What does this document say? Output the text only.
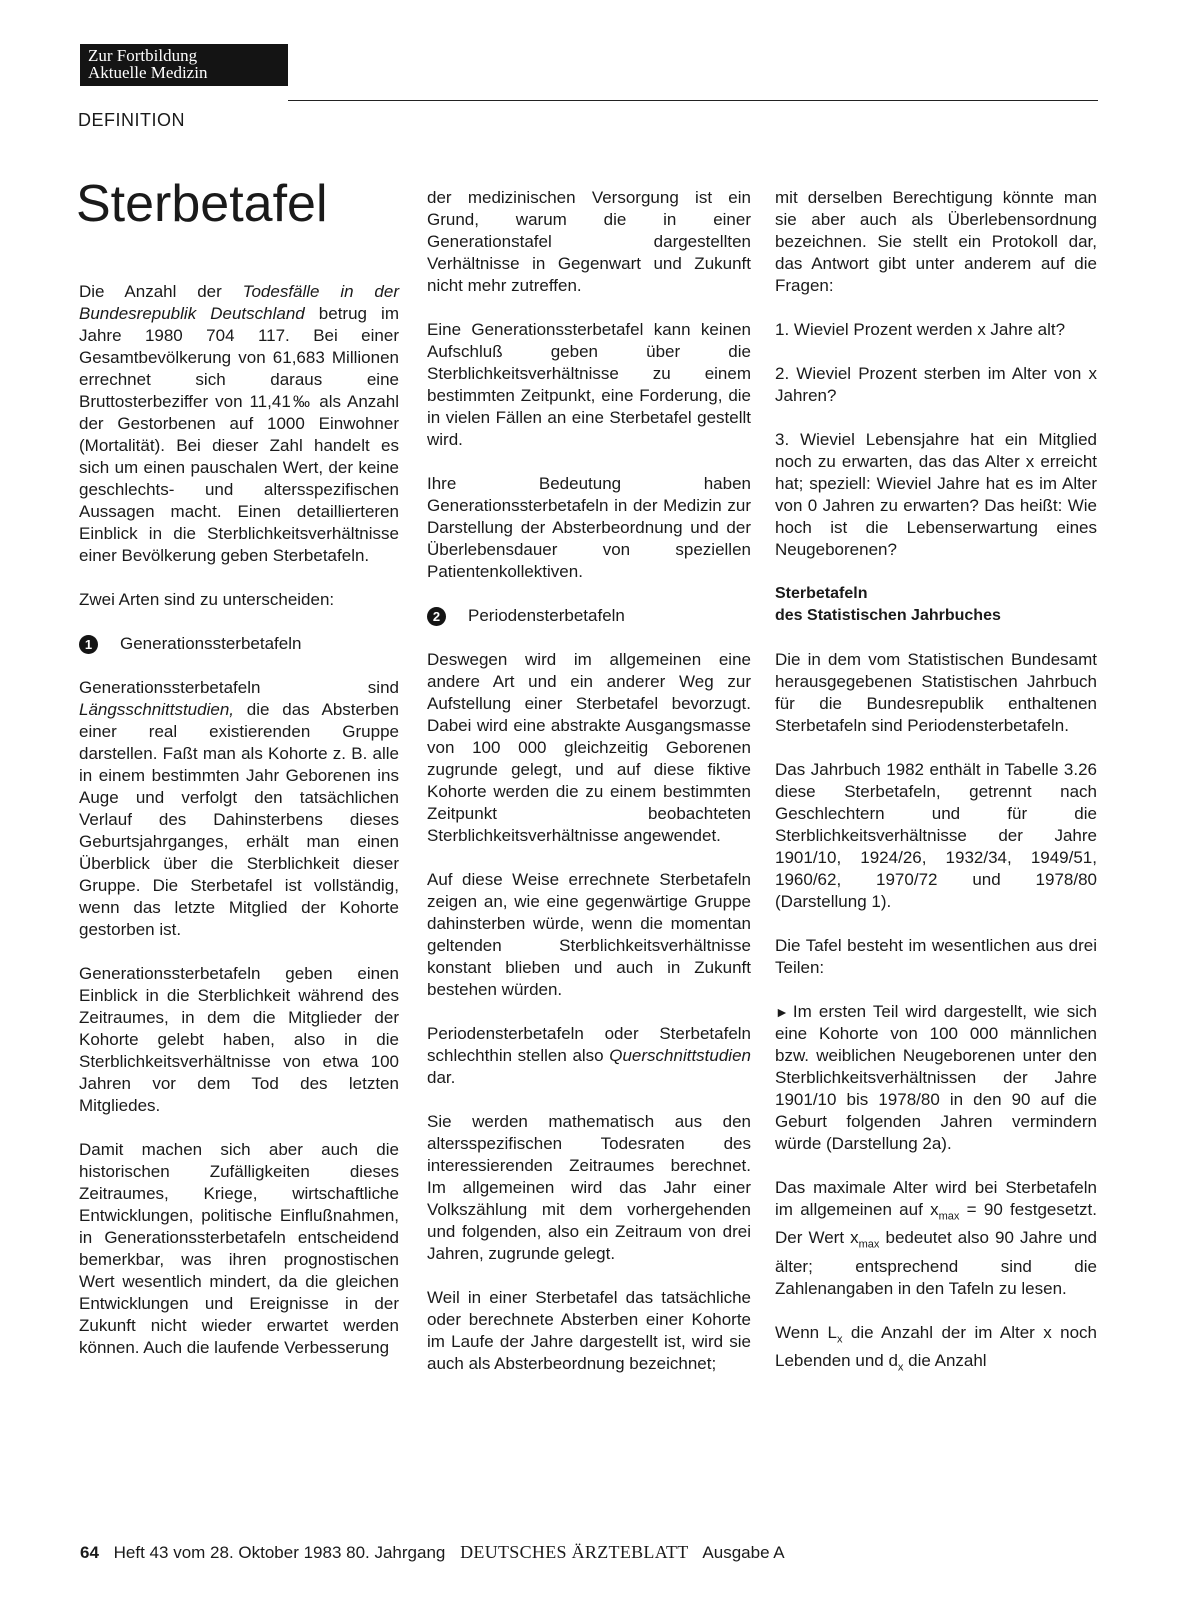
Zur Fortbildung
Aktuelle Medizin
DEFINITION
Sterbetafel

Die Anzahl der Todesfälle in der Bundesrepublik Deutschland betrug im Jahre 1980 704 117. Bei einer Gesamtbevölkerung von 61,683 Millionen errechnet sich daraus eine Bruttosterbeziffer von 11,41‰ als Anzahl der Gestorbenen auf 1000 Einwohner (Mortalität). Bei dieser Zahl handelt es sich um einen pauschalen Wert, der keine geschlechts- und altersspezifischen Aussagen macht. Einen detaillierteren Einblick in die Sterblichkeitsverhältnisse einer Bevölkerung geben Sterbetafeln.

Zwei Arten sind zu unterscheiden:

1	Generationssterbetafeln

Generationssterbetafeln sind Längsschnittstudien, die das Absterben einer real existierenden Gruppe darstellen. Faßt man als Kohorte z. B. alle in einem bestimmten Jahr Geborenen ins Auge und verfolgt den tatsächlichen Verlauf des Dahinsterbens dieses Geburtsjahrganges, erhält man einen Überblick über die Sterblichkeit dieser Gruppe. Die Sterbetafel ist vollständig, wenn das letzte Mitglied der Kohorte gestorben ist.

Generationssterbetafeln geben einen Einblick in die Sterblichkeit während des Zeitraumes, in dem die Mitglieder der Kohorte gelebt haben, also in die Sterblichkeitsverhältnisse von etwa 100 Jahren vor dem Tod des letzten Mitgliedes.

Damit machen sich aber auch die historischen Zufälligkeiten dieses Zeitraumes, Kriege, wirtschaftliche Entwicklungen, politische Einflußnahmen, in Generationssterbetafeln entscheidend bemerkbar, was ihren prognostischen Wert wesentlich mindert, da die gleichen Entwicklungen und Ereignisse in der Zukunft nicht wieder erwartet werden können. Auch die laufende Verbesserung

der medizinischen Versorgung ist ein Grund, warum die in einer Generationstafel dargestellten Verhältnisse in Gegenwart und Zukunft nicht mehr zutreffen.

Eine Generationssterbetafel kann keinen Aufschluß geben über die Sterblichkeitsverhältnisse zu einem bestimmten Zeitpunkt, eine Forderung, die in vielen Fällen an eine Sterbetafel gestellt wird.

Ihre Bedeutung haben Generationssterbetafeln in der Medizin zur Darstellung der Absterbeordnung und der Überlebensdauer von speziellen Patientenkollektiven.

2	Periodensterbetafeln

Deswegen wird im allgemeinen eine andere Art und ein anderer Weg zur Aufstellung einer Sterbetafel bevorzugt. Dabei wird eine abstrakte Ausgangsmasse von 100 000 gleichzeitig Geborenen zugrunde gelegt, und auf diese fiktive Kohorte werden die zu einem bestimmten Zeitpunkt beobachteten Sterblichkeitsverhältnisse angewendet.

Auf diese Weise errechnete Sterbetafeln zeigen an, wie eine gegenwärtige Gruppe dahinsterben würde, wenn die momentan geltenden Sterblichkeitsverhältnisse konstant blieben und auch in Zukunft bestehen würden.

Periodensterbetafeln oder Sterbetafeln schlechthin stellen also Querschnittstudien dar.

Sie werden mathematisch aus den altersspezifischen Todesraten des interessierenden Zeitraumes berechnet. Im allgemeinen wird das Jahr einer Volkszählung mit dem vorhergehenden und folgenden, also ein Zeitraum von drei Jahren, zugrunde gelegt.

Weil in einer Sterbetafel das tatsächliche oder berechnete Absterben einer Kohorte im Laufe der Jahre dargestellt ist, wird sie auch als Absterbeordnung bezeichnet;

mit derselben Berechtigung könnte man sie aber auch als Überlebensordnung bezeichnen. Sie stellt ein Protokoll dar, das Antwort gibt unter anderem auf die Fragen:

1. Wieviel Prozent werden x Jahre alt?

2. Wieviel Prozent sterben im Alter von x Jahren?

3. Wieviel Lebensjahre hat ein Mitglied noch zu erwarten, das das Alter x erreicht hat; speziell: Wieviel Jahre hat es im Alter von 0 Jahren zu erwarten? Das heißt: Wie hoch ist die Lebenserwartung eines Neugeborenen?

Sterbetafeln
des Statistischen Jahrbuches

Die in dem vom Statistischen Bundesamt herausgegebenen Statistischen Jahrbuch für die Bundesrepublik enthaltenen Sterbetafeln sind Periodensterbetafeln.

Das Jahrbuch 1982 enthält in Tabelle 3.26 diese Sterbetafeln, getrennt nach Geschlechtern und für die Sterblichkeitsverhältnisse der Jahre 1901/10, 1924/26, 1932/34, 1949/51, 1960/62, 1970/72 und 1978/80 (Darstellung 1).

Die Tafel besteht im wesentlichen aus drei Teilen:

► Im ersten Teil wird dargestellt, wie sich eine Kohorte von 100 000 männlichen bzw. weiblichen Neugeborenen unter den Sterblichkeitsverhältnissen der Jahre 1901/10 bis 1978/80 in den 90 auf die Geburt folgenden Jahren vermindern würde (Darstellung 2a).

Das maximale Alter wird bei Sterbetafeln im allgemeinen auf $x_{max} = 90$ festgesetzt. Der Wert $x_{max}$ bedeutet also 90 Jahre und älter; entsprechend sind die Zahlenangaben in den Tafeln zu lesen.

Wenn $L_x$ die Anzahl der im Alter x noch Lebenden und $d_x$ die Anzahl

64 Heft 43 vom 28. Oktober 1983 80. Jahrgang DEUTSCHES ÄRZTEBLATT Ausgabe A
